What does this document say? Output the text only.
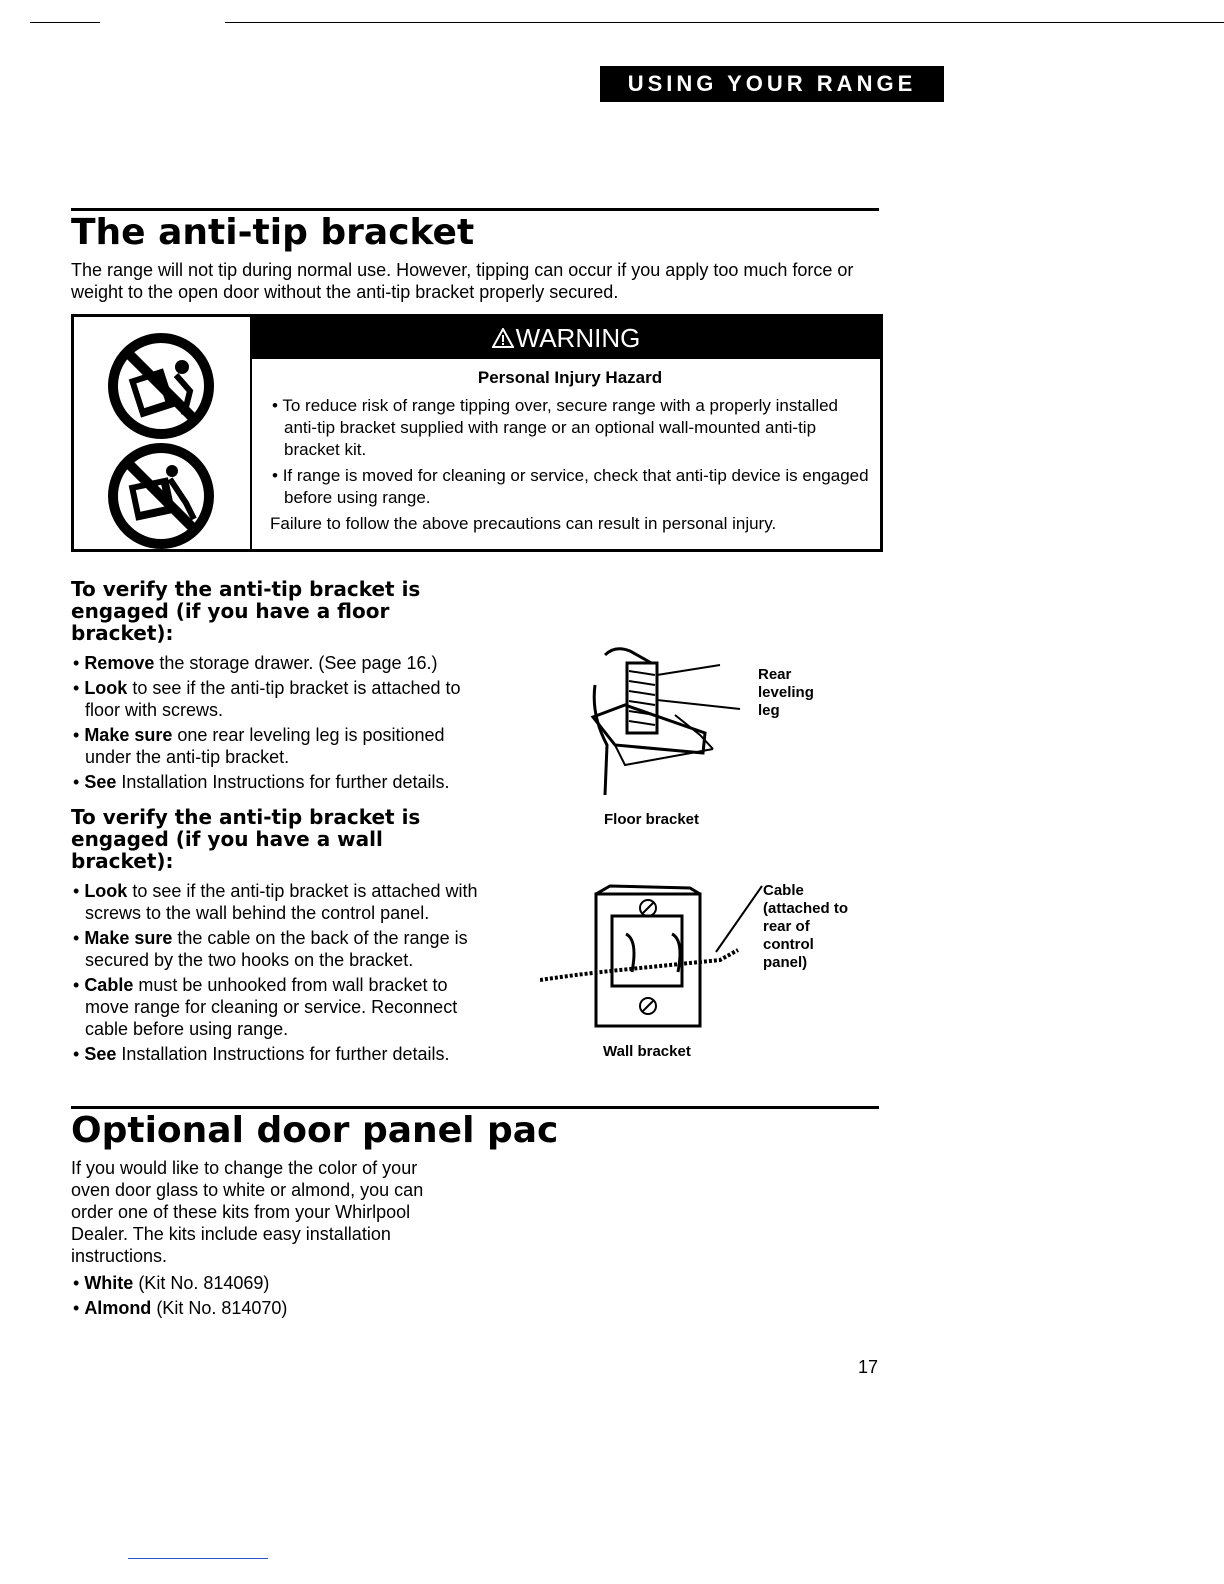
USING YOUR RANGE
The anti-tip bracket
The range will not tip during normal use. However, tipping can occur if you apply too much force or weight to the open door without the anti-tip bracket properly secured.
WARNING
Personal Injury Hazard
• To reduce risk of range tipping over, secure range with a properly installed anti-tip bracket supplied with range or an optional wall-mounted anti-tip bracket kit.
• If range is moved for cleaning or service, check that anti-tip device is engaged before using range.
Failure to follow the above precautions can result in personal injury.
To verify the anti-tip bracket is engaged (if you have a floor bracket):
• Remove the storage drawer. (See page 16.)
• Look to see if the anti-tip bracket is attached to floor with screws.
• Make sure one rear leveling leg is positioned under the anti-tip bracket.
• See Installation Instructions for further details.
To verify the anti-tip bracket is engaged (if you have a wall bracket):
• Look to see if the anti-tip bracket is attached with screws to the wall behind the control panel.
• Make sure the cable on the back of the range is secured by the two hooks on the bracket.
• Cable must be unhooked from wall bracket to move range for cleaning or service. Reconnect cable before using range.
• See Installation Instructions for further details.
Rear leveling leg
Floor bracket
Cable (attached to rear of control panel)
Wall bracket
Optional door panel pac
If you would like to change the color of your oven door glass to white or almond, you can order one of these kits from your Whirlpool Dealer. The kits include easy installation instructions.
• White (Kit No. 814069)
• Almond (Kit No. 814070)
17
